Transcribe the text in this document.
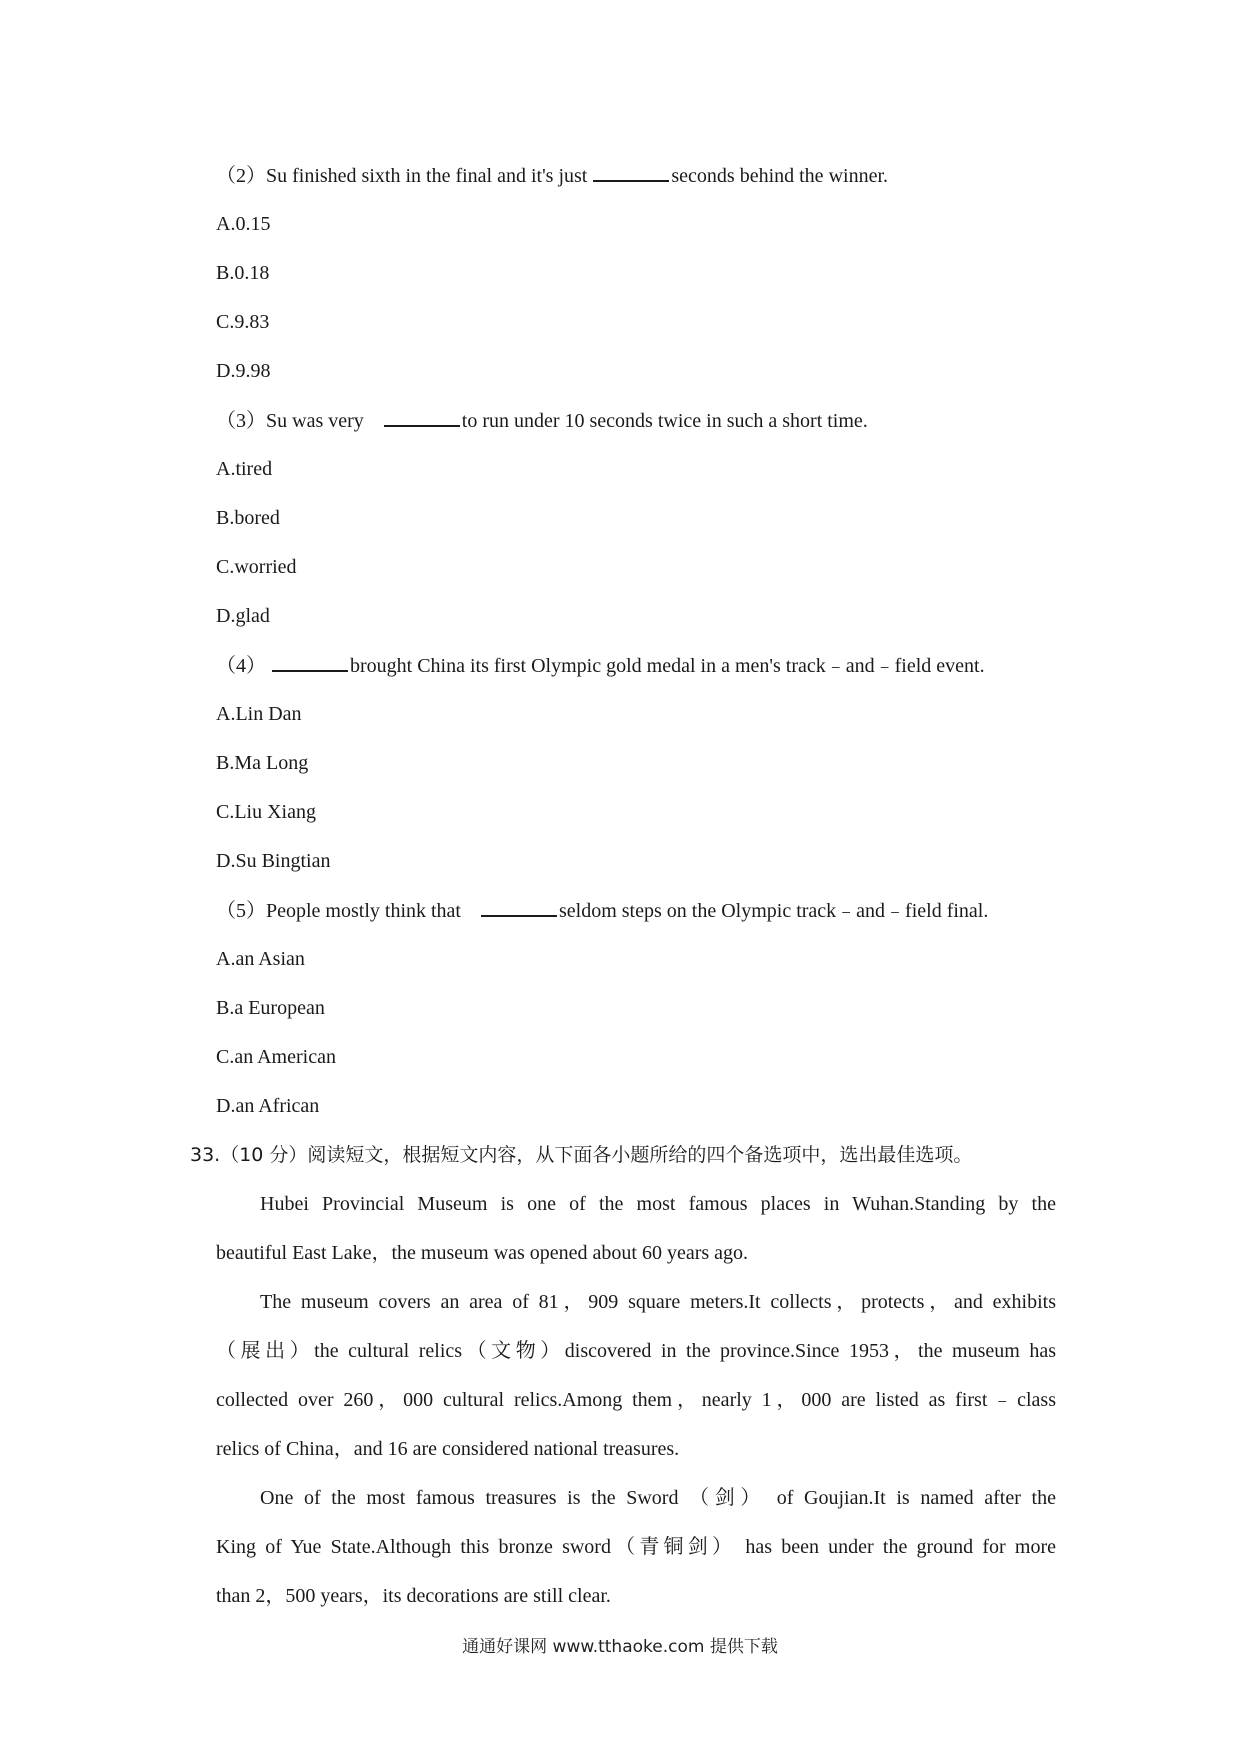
（2）Su finished sixth in the final and it's just	seconds behind the winner.
A.0.15
B.0.18
C.9.83
D.9.98
（3）Su was very	to run under 10 seconds twice in such a short time.
A.tired
B.bored
C.worried
D.glad
（4）	brought China its first Olympic gold medal in a men's track﹣and﹣field event.
A.Lin Dan
B.Ma Long
C.Liu Xiang
D.Su Bingtian
（5）People mostly think that	seldom steps on the Olympic track﹣and﹣field final.
A.an Asian
B.a European
C.an American
D.an African
33.（10 分）阅读短文，根据短文内容，从下面各小题所给的四个备选项中，选出最佳选项。
Hubei Provincial Museum is one of the most famous places in Wuhan.Standing by the
beautiful East Lake，the museum was opened about 60 years ago.
The museum covers an area of 81，909 square meters.It collects，protects，and exhibits
（展出）the cultural relics（文物）discovered in the province.Since 1953，the museum has
collected over 260，000 cultural relics.Among them，nearly 1，000 are listed as first﹣class
relics of China，and 16 are considered national treasures.
One of the most famous treasures is the Sword （剑） of Goujian.It is named after the
King of Yue State.Although this bronze sword（青铜剑） has been under the ground for more
than 2，500 years，its decorations are still clear.
通通好课网 www.tthaoke.com 提供下载
